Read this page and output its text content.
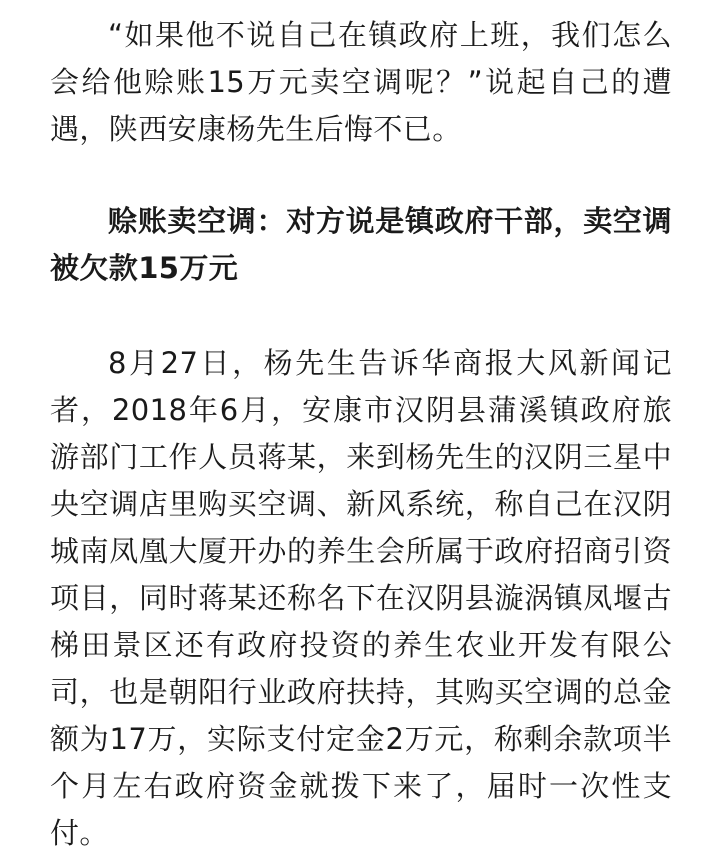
“如果他不说自己在镇政府上班，我们怎么会给他赊账15万元卖空调呢？”说起自己的遭遇，陕西安康杨先生后悔不已。

赊账卖空调：对方说是镇政府干部，卖空调被欠款15万元

8月27日，杨先生告诉华商报大风新闻记者，2018年6月，安康市汉阴县蒲溪镇政府旅游部门工作人员蒋某，来到杨先生的汉阴三星中央空调店里购买空调、新风系统，称自己在汉阴城南凤凰大厦开办的养生会所属于政府招商引资项目，同时蒋某还称名下在汉阴县漩涡镇凤堰古梯田景区还有政府投资的养生农业开发有限公司，也是朝阳行业政府扶持，其购买空调的总金额为17万，实际支付定金2万元，称剩余款项半个月左右政府资金就拨下来了，届时一次性支付。
